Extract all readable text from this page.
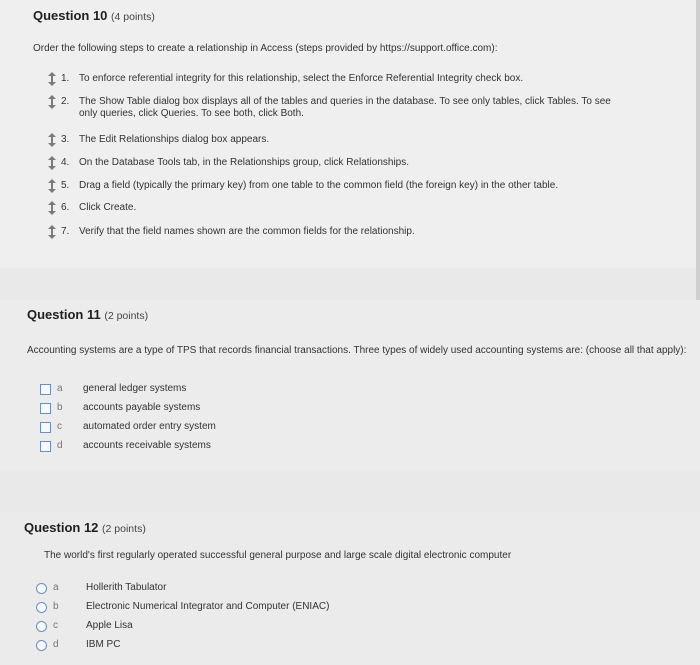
Question 10 (4 points)
Order the following steps to create a relationship in Access (steps provided by https://support.office.com):
1. To enforce referential integrity for this relationship, select the Enforce Referential Integrity check box.
2. The Show Table dialog box displays all of the tables and queries in the database. To see only tables, click Tables. To see only queries, click Queries. To see both, click Both.
3. The Edit Relationships dialog box appears.
4. On the Database Tools tab, in the Relationships group, click Relationships.
5. Drag a field (typically the primary key) from one table to the common field (the foreign key) in the other table.
6. Click Create.
7. Verify that the field names shown are the common fields for the relationship.
Question 11 (2 points)
Accounting systems are a type of TPS that records financial transactions. Three types of widely used accounting systems are: (choose all that apply):
a general ledger systems
b accounts payable systems
c automated order entry system
d accounts receivable systems
Question 12 (2 points)
The world's first regularly operated successful general purpose and large scale digital electronic computer
a	Hollerith Tabulator
b	Electronic Numerical Integrator and Computer (ENIAC)
c	Apple Lisa
d	IBM PC
